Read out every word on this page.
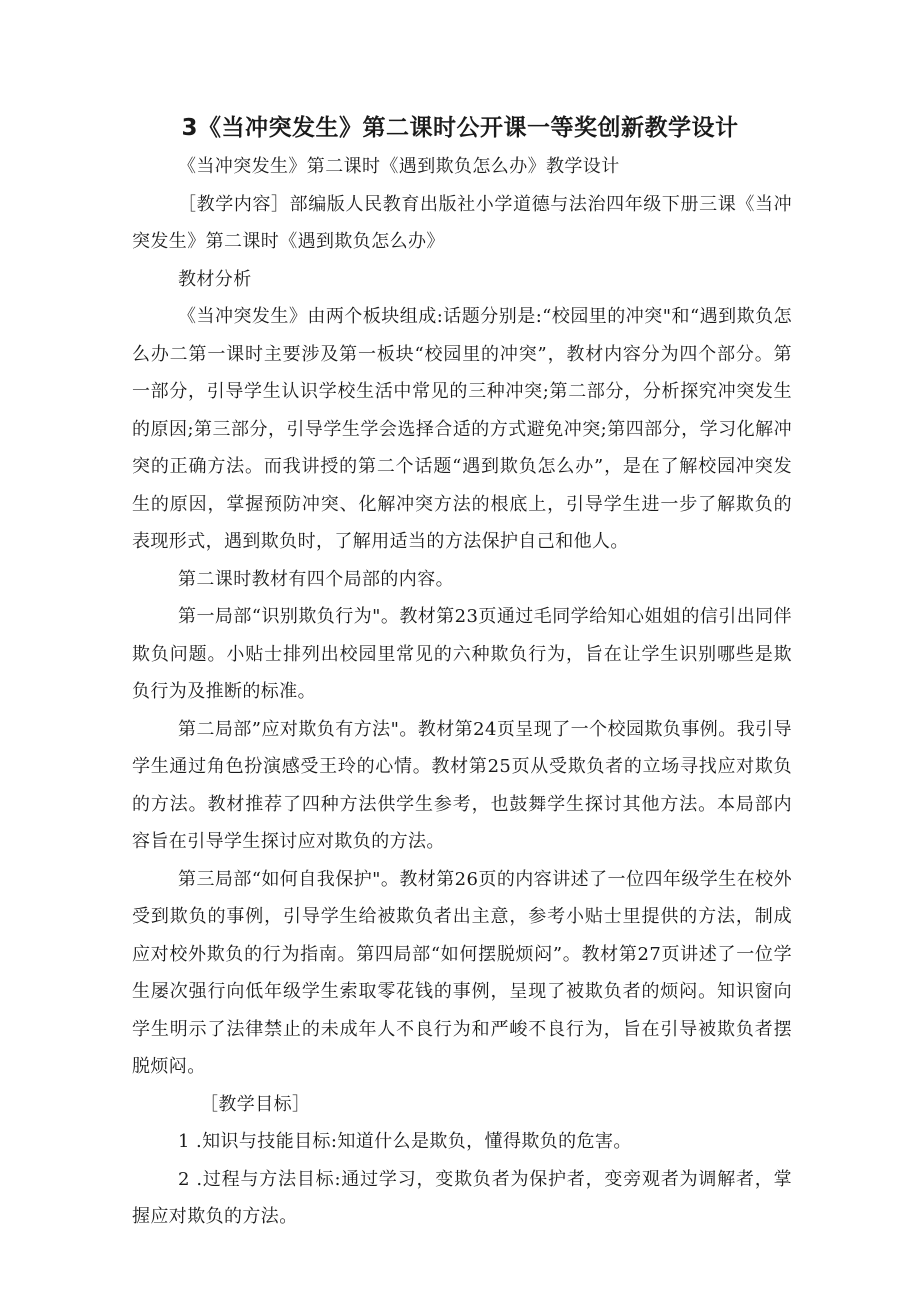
3《当冲突发生》第二课时公开课一等奖创新教学设计

《当冲突发生》第二课时《遇到欺负怎么办》教学设计

［教学内容］部编版人民教育出版社小学道德与法治四年级下册三课《当冲突发生》第二课时《遇到欺负怎么办》

教材分析

《当冲突发生》由两个板块组成:话题分别是:“校园里的冲突"和“遇到欺负怎么办二第一课时主要涉及第一板块“校园里的冲突”，教材内容分为四个部分。第一部分，引导学生认识学校生活中常见的三种冲突;第二部分，分析探究冲突发生的原因;第三部分，引导学生学会选择合适的方式避免冲突;第四部分，学习化解冲突的正确方法。而我讲授的第二个话题“遇到欺负怎么办”，是在了解校园冲突发生的原因，掌握预防冲突、化解冲突方法的根底上，引导学生进一步了解欺负的表现形式，遇到欺负时，了解用适当的方法保护自己和他人。

第二课时教材有四个局部的内容。

第一局部“识别欺负行为"。教材第23页通过毛同学给知心姐姐的信引出同伴欺负问题。小贴士排列出校园里常见的六种欺负行为，旨在让学生识别哪些是欺负行为及推断的标准。

第二局部”应对欺负有方法"。教材第24页呈现了一个校园欺负事例。我引导学生通过角色扮演感受王玲的心情。教材第25页从受欺负者的立场寻找应对欺负的方法。教材推荐了四种方法供学生参考，也鼓舞学生探讨其他方法。本局部内容旨在引导学生探讨应对欺负的方法。

第三局部“如何自我保护"。教材第26页的内容讲述了一位四年级学生在校外受到欺负的事例，引导学生给被欺负者出主意，参考小贴士里提供的方法，制成应对校外欺负的行为指南。第四局部“如何摆脱烦闷”。教材第27页讲述了一位学生屡次强行向低年级学生索取零花钱的事例，呈现了被欺负者的烦闷。知识窗向学生明示了法律禁止的未成年人不良行为和严峻不良行为，旨在引导被欺负者摆脱烦闷。

［教学目标］

1 .知识与技能目标:知道什么是欺负，懂得欺负的危害。

2 .过程与方法目标:通过学习，变欺负者为保护者，变旁观者为调解者，掌握应对欺负的方法。
